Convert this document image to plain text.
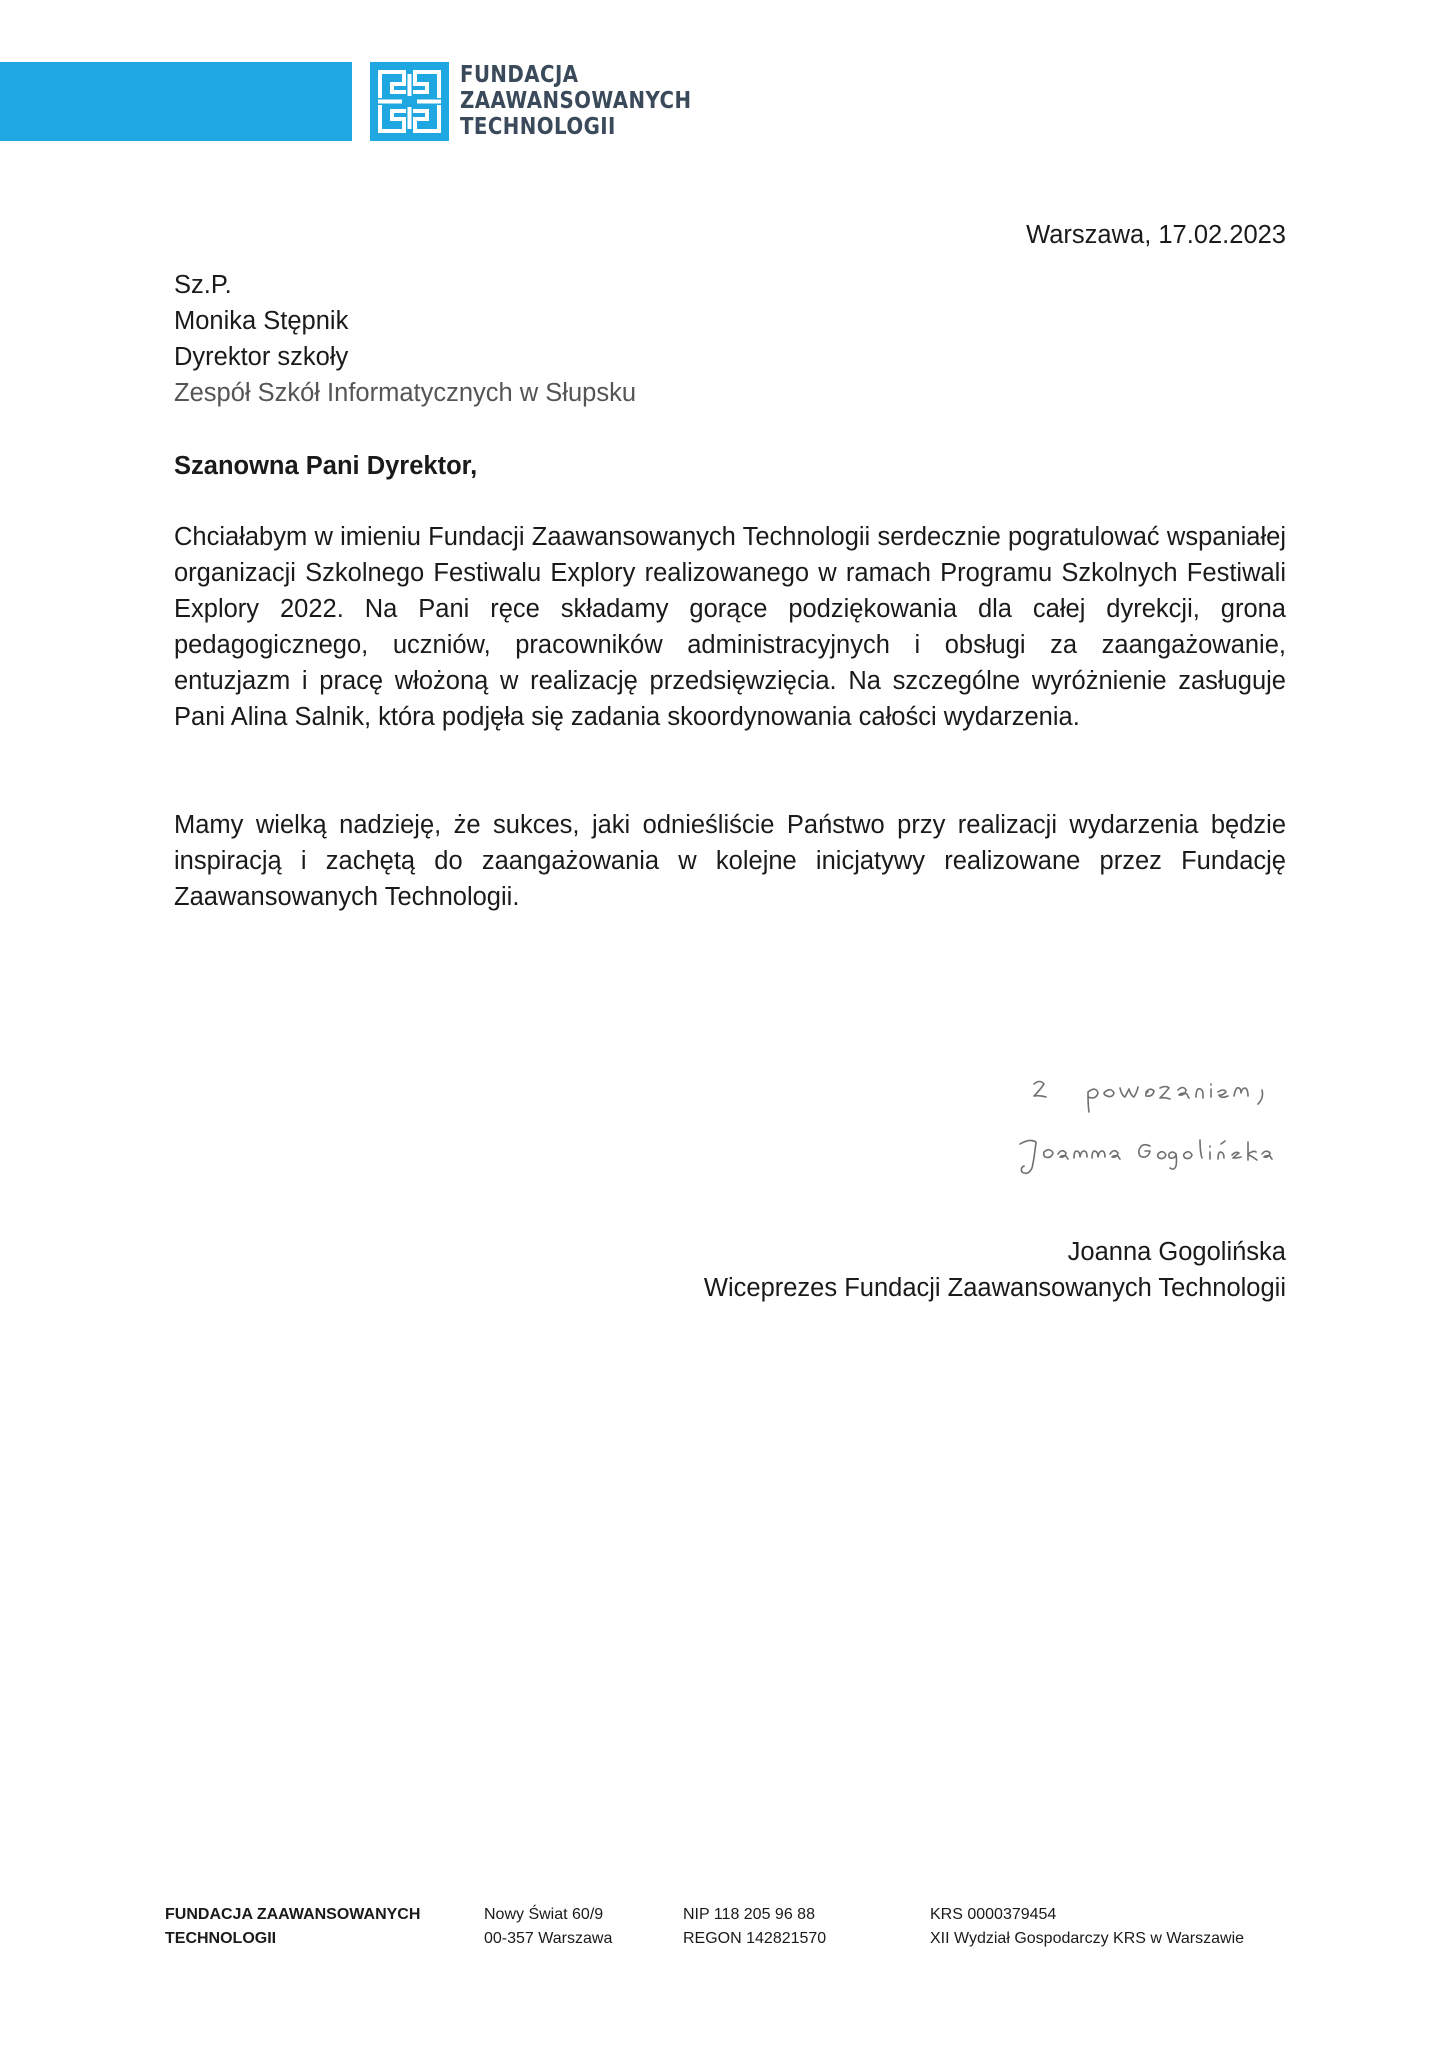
FUNDACJA
ZAAWANSOWANYCH
TECHNOLOGII
Warszawa, 17.02.2023
Sz.P.
Monika Stępnik
Dyrektor szkoły
Zespół Szkół Informatycznych w Słupsku
Szanowna Pani Dyrektor,
Chciałabym w imieniu Fundacji Zaawansowanych Technologii serdecznie pogratulować wspaniałej organizacji Szkolnego Festiwalu Explory realizowanego w ramach Programu Szkolnych Festiwali Explory 2022. Na Pani ręce składamy gorące podziękowania dla całej dyrekcji, grona pedagogicznego, uczniów, pracowników administracyjnych i obsługi za zaangażowanie, entuzjazm i pracę włożoną w realizację przedsięwzięcia. Na szczególne wyróżnienie zasługuje Pani Alina Salnik, która podjęła się zadania skoordynowania całości wydarzenia.
Mamy wielką nadzieję, że sukces, jaki odnieśliście Państwo przy realizacji wydarzenia będzie inspiracją i zachętą do zaangażowania w kolejne inicjatywy realizowane przez Fundację Zaawansowanych Technologii.
Joanna Gogolińska
Wiceprezes Fundacji Zaawansowanych Technologii
FUNDACJA ZAAWANSOWANYCH
TECHNOLOGII
Nowy Świat 60/9
00-357 Warszawa
NIP 118 205 96 88
REGON 142821570
KRS 0000379454
XII Wydział Gospodarczy KRS w Warszawie
